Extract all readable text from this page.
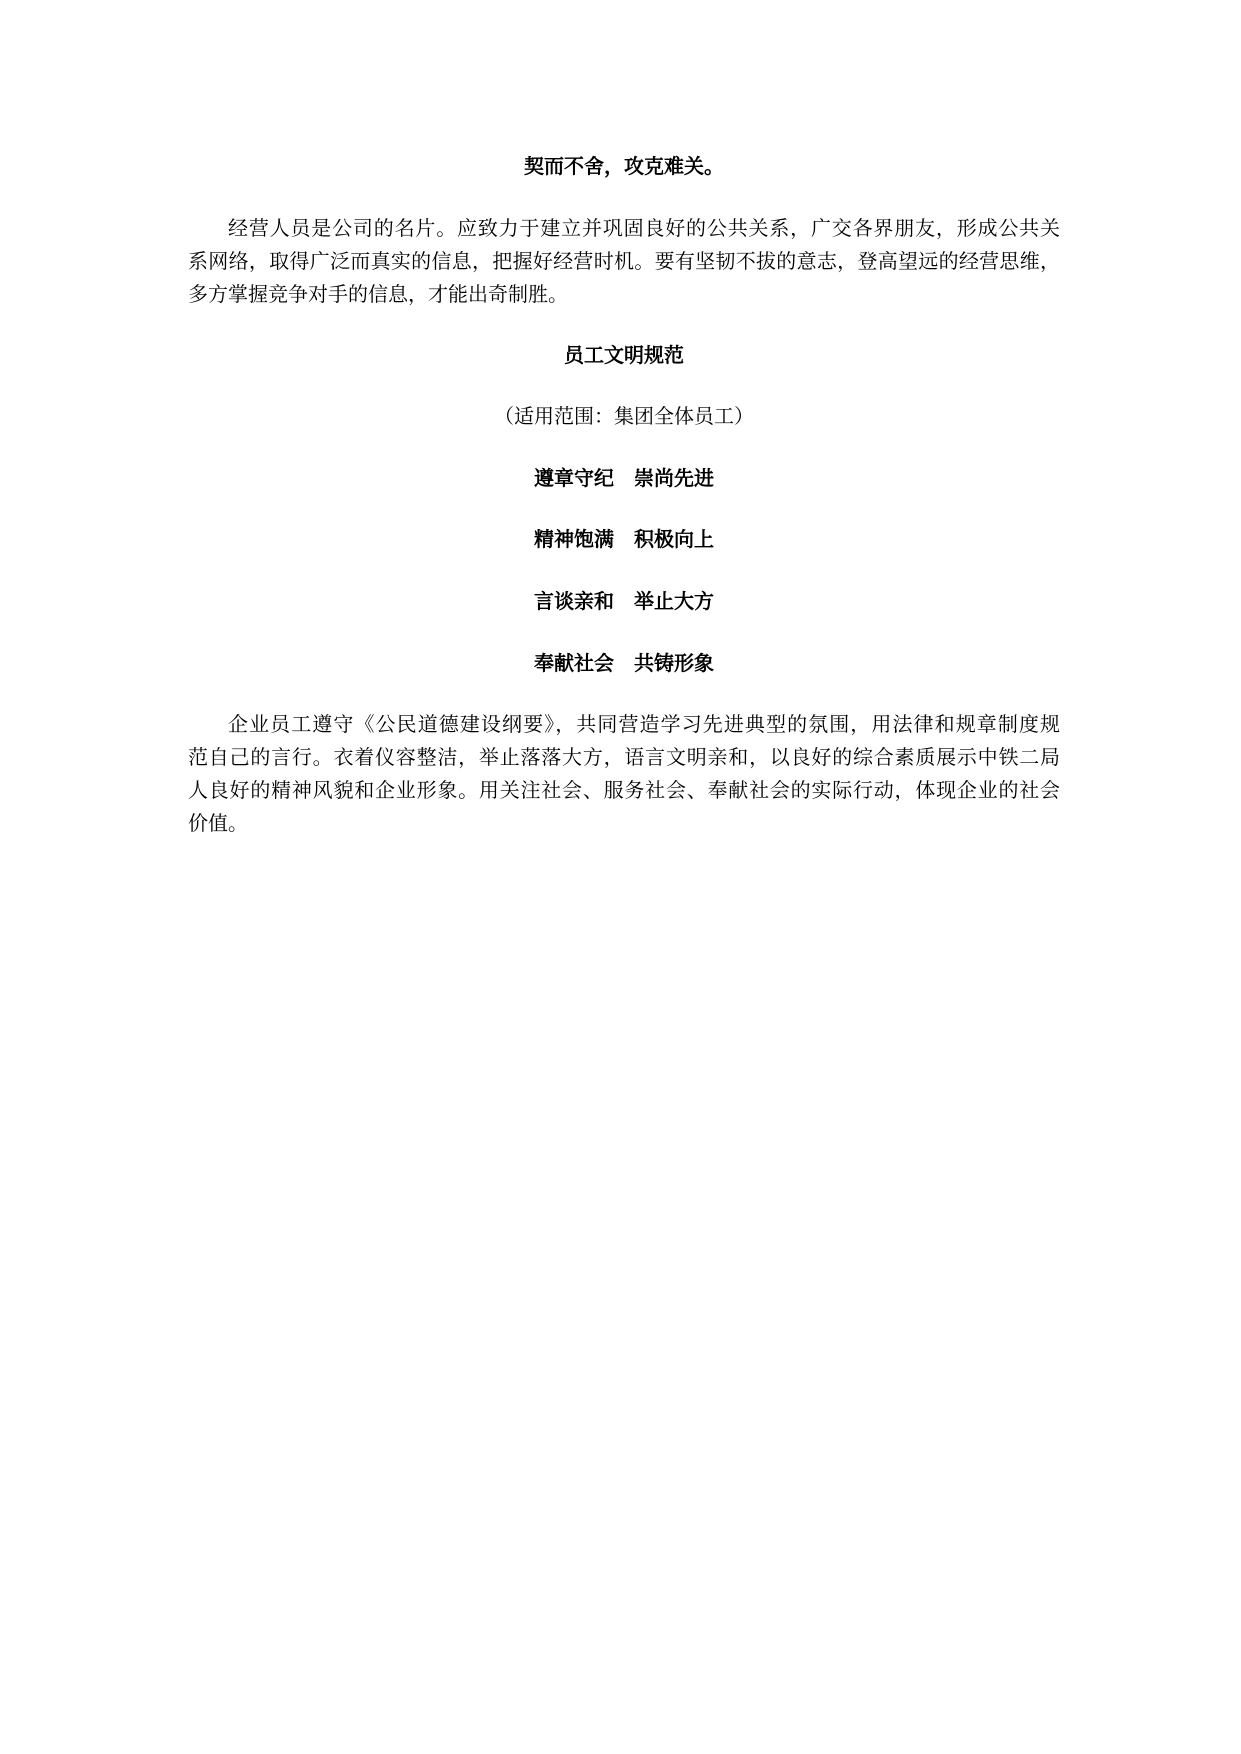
契而不舍，攻克难关。
经营人员是公司的名片。应致力于建立并巩固良好的公共关系，广交各界朋友，形成公共关
系网络，取得广泛而真实的信息，把握好经营时机。要有坚韧不拔的意志，登高望远的经营思维，
多方掌握竞争对手的信息，才能出奇制胜。
员工文明规范
（适用范围：集团全体员工）
遵章守纪 崇尚先进
精神饱满 积极向上
言谈亲和 举止大方
奉献社会 共铸形象
企业员工遵守《公民道德建设纲要》，共同营造学习先进典型的氛围，用法律和规章制度规
范自己的言行。衣着仪容整洁，举止落落大方，语言文明亲和，以良好的综合素质展示中铁二局
人良好的精神风貌和企业形象。用关注社会、服务社会、奉献社会的实际行动，体现企业的社会
价值。
